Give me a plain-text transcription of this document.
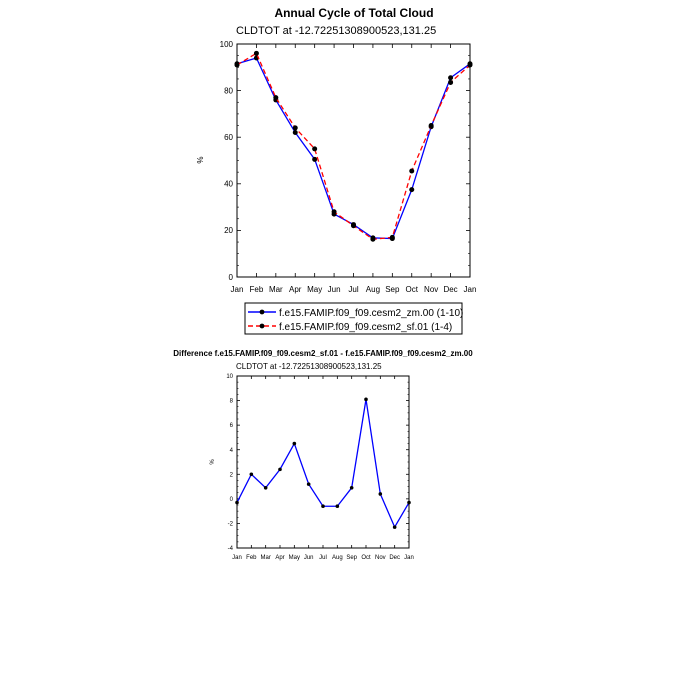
Annual Cycle of Total Cloud
CLDTOT at -12.72251308900523,131.25
%
0
20
40
60
80
100
Jan Feb Mar Apr May Jun Jul Aug Sep Oct Nov Dec Jan
f.e15.FAMIP.f09_f09.cesm2_zm.00 (1-10)
f.e15.FAMIP.f09_f09.cesm2_sf.01 (1-4)
Difference f.e15.FAMIP.f09_f09.cesm2_sf.01 - f.e15.FAMIP.f09_f09.cesm2_zm.00
CLDTOT at -12.72251308900523,131.25
%
-4
-2
0
2
4
6
8
10
Jan Feb Mar Apr May Jun Jul Aug Sep Oct Nov Dec Jan
